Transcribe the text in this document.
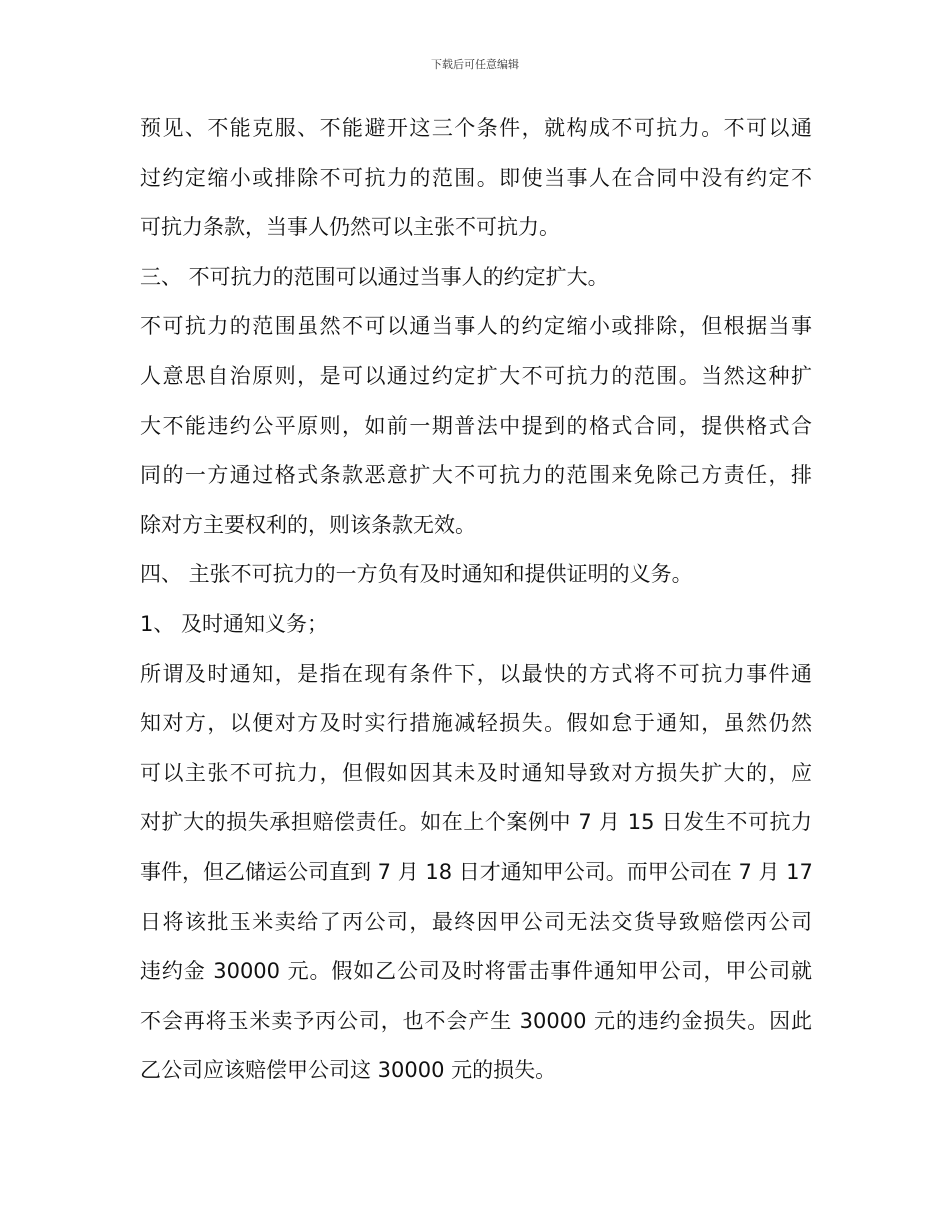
下载后可任意编辑
预见、不能克服、不能避开这三个条件，就构成不可抗力。不可以通
过约定缩小或排除不可抗力的范围。即使当事人在合同中没有约定不
可抗力条款，当事人仍然可以主张不可抗力。
三、 不可抗力的范围可以通过当事人的约定扩大。
不可抗力的范围虽然不可以通当事人的约定缩小或排除，但根据当事
人意思自治原则，是可以通过约定扩大不可抗力的范围。当然这种扩
大不能违约公平原则，如前一期普法中提到的格式合同，提供格式合
同的一方通过格式条款恶意扩大不可抗力的范围来免除己方责任，排
除对方主要权利的，则该条款无效。
四、 主张不可抗力的一方负有及时通知和提供证明的义务。
1、 及时通知义务；
所谓及时通知，是指在现有条件下，以最快的方式将不可抗力事件通
知对方，以便对方及时实行措施减轻损失。假如怠于通知，虽然仍然
可以主张不可抗力，但假如因其未及时通知导致对方损失扩大的，应
对扩大的损失承担赔偿责任。如在上个案例中 7 月 15 日发生不可抗力
事件，但乙储运公司直到 7 月 18 日才通知甲公司。而甲公司在 7 月 17
日将该批玉米卖给了丙公司，最终因甲公司无法交货导致赔偿丙公司
违约金 30000 元。假如乙公司及时将雷击事件通知甲公司，甲公司就
不会再将玉米卖予丙公司，也不会产生 30000 元的违约金损失。因此
乙公司应该赔偿甲公司这 30000 元的损失。
